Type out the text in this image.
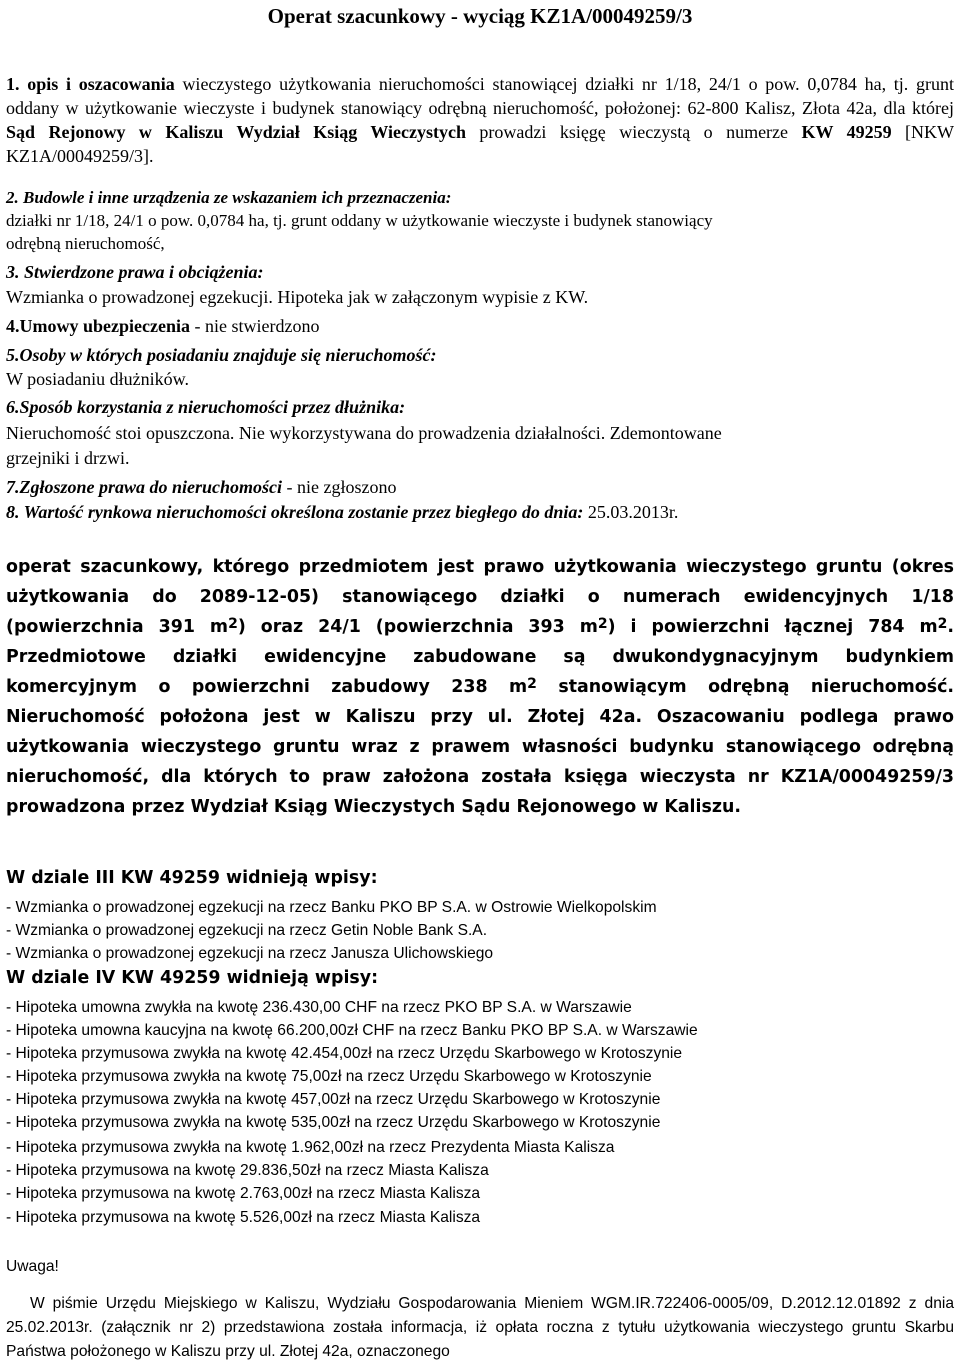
Operat szacunkowy - wyciąg KZ1A/00049259/3
1. opis i oszacowania wieczystego użytkowania nieruchomości stanowiącej działki nr 1/18, 24/1 o pow. 0,0784 ha, tj. grunt oddany w użytkowanie wieczyste i budynek stanowiący odrębną nieruchomość, położonej: 62-800 Kalisz, Złota 42a, dla której Sąd Rejonowy w Kaliszu Wydział Ksiąg Wieczystych prowadzi księgę wieczystą o numerze KW 49259 [NKW KZ1A/00049259/3].
2. Budowle i inne urządzenia ze wskazaniem ich przeznaczenia:
działki nr 1/18, 24/1 o pow. 0,0784 ha, tj. grunt oddany w użytkowanie wieczyste i budynek stanowiący
odrębną nieruchomość,
3. Stwierdzone prawa i obciążenia:
Wzmianka o prowadzonej egzekucji. Hipoteka jak w załączonym wypisie z KW.
4.Umowy ubezpieczenia - nie stwierdzono
5.Osoby w których posiadaniu znajduje się nieruchomość:
W posiadaniu dłużników.
6.Sposób korzystania z nieruchomości przez dłużnika:
Nieruchomość stoi opuszczona. Nie wykorzystywana do prowadzenia działalności. Zdemontowane
grzejniki i drzwi.
7.Zgłoszone prawa do nieruchomości - nie zgłoszono
8. Wartość rynkowa nieruchomości określona zostanie przez biegłego do dnia: 25.03.2013r.
operat szacunkowy, którego przedmiotem jest prawo użytkowania wieczystego gruntu (okres użytkowania do 2089-12-05) stanowiącego działki o numerach ewidencyjnych 1/18 (powierzchnia 391 $m^2$) oraz 24/1 (powierzchnia 393 $m^2$) i powierzchni łącznej 784 $m^2$. Przedmiotowe działki ewidencyjne zabudowane są dwukondygnacyjnym budynkiem komercyjnym o powierzchni zabudowy 238 $m^2$ stanowiącym odrębną nieruchomość. Nieruchomość położona jest w Kaliszu przy ul. Złotej 42a. Oszacowaniu podlega prawo użytkowania wieczystego gruntu wraz z prawem własności budynku stanowiącego odrębną nieruchomość, dla których to praw założona została księga wieczysta nr KZ1A/00049259/3 prowadzona przez Wydział Ksiąg Wieczystych Sądu Rejonowego w Kaliszu.
W dziale III KW 49259 widnieją wpisy:
- Wzmianka o prowadzonej egzekucji na rzecz Banku PKO BP S.A. w Ostrowie Wielkopolskim
- Wzmianka o prowadzonej egzekucji na rzecz Getin Noble Bank S.A.
- Wzmianka o prowadzonej egzekucji na rzecz Janusza Ulichowskiego
W dziale IV KW 49259 widnieją wpisy:
- Hipoteka umowna zwykła na kwotę 236.430,00 CHF na rzecz PKO BP S.A. w Warszawie
- Hipoteka umowna kaucyjna na kwotę 66.200,00zł CHF na rzecz Banku PKO BP S.A. w Warszawie
- Hipoteka przymusowa zwykła na kwotę 42.454,00zł na rzecz Urzędu Skarbowego w Krotoszynie
- Hipoteka przymusowa zwykła na kwotę 75,00zł na rzecz Urzędu Skarbowego w Krotoszynie
- Hipoteka przymusowa zwykła na kwotę 457,00zł na rzecz Urzędu Skarbowego w Krotoszynie
- Hipoteka przymusowa zwykła na kwotę 535,00zł na rzecz Urzędu Skarbowego w Krotoszynie
- Hipoteka przymusowa zwykła na kwotę 1.962,00zł na rzecz Prezydenta Miasta Kalisza
- Hipoteka przymusowa na kwotę 29.836,50zł na rzecz Miasta Kalisza
- Hipoteka przymusowa na kwotę 2.763,00zł na rzecz Miasta Kalisza
- Hipoteka przymusowa na kwotę 5.526,00zł na rzecz Miasta Kalisza
Uwaga!
W piśmie Urzędu Miejskiego w Kaliszu, Wydziału Gospodarowania Mieniem WGM.IR.722406-0005/09, D.2012.12.01892 z dnia 25.02.2013r. (załącznik nr 2) przedstawiona została informacja, iż opłata roczna z tytułu użytkowania wieczystego gruntu Skarbu Państwa położonego w Kaliszu przy ul. Złotej 42a, oznaczonego
